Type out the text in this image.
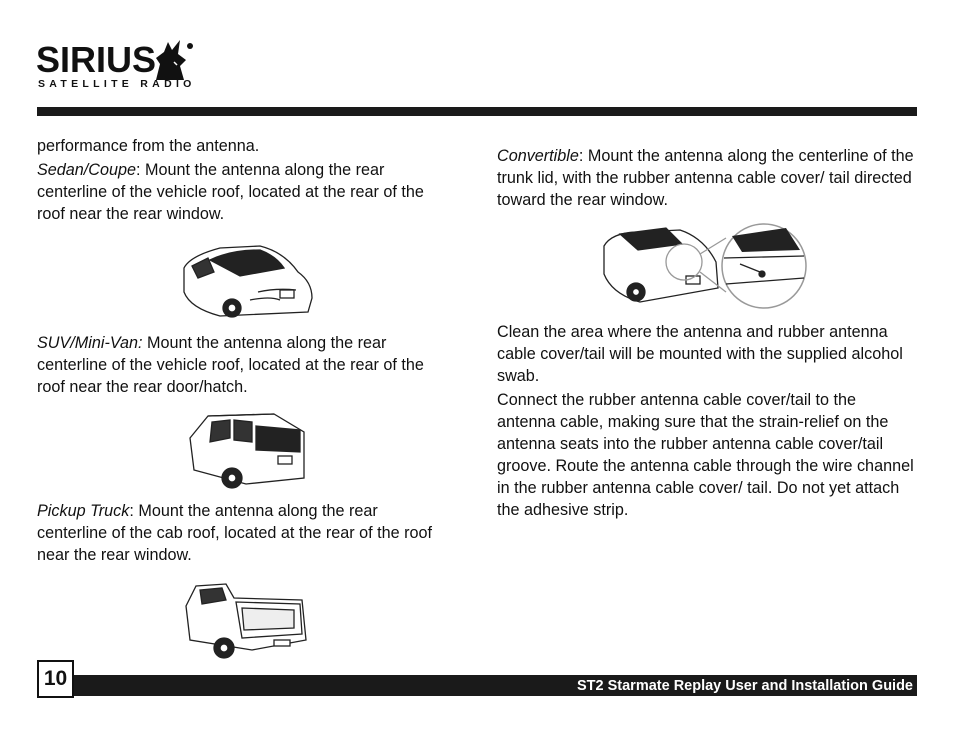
SIRIUS
SATELLITE RADIO

performance from the antenna.

Sedan/Coupe: Mount the antenna along the rear centerline of the vehicle roof, located at the rear of the roof near the rear window.

SUV/Mini-Van: Mount the antenna along the rear centerline of the vehicle roof, located at the rear of the roof near the rear door/hatch.

Pickup Truck: Mount the antenna along the rear centerline of the cab roof, located at the rear of the roof near the rear window.

Convertible: Mount the antenna along the centerline of the trunk lid, with the rubber antenna cable cover/ tail directed toward the rear window.

Clean the area where the antenna and rubber antenna cable cover/tail will be mounted with the supplied alcohol swab.

Connect the rubber antenna cable cover/tail to the antenna cable, making sure that the strain-relief on the antenna seats into the rubber antenna cable cover/tail groove. Route the antenna cable through the wire channel in the rubber antenna cable cover/ tail. Do not yet attach the adhesive strip.

ST2 Starmate Replay User and Installation Guide
10
